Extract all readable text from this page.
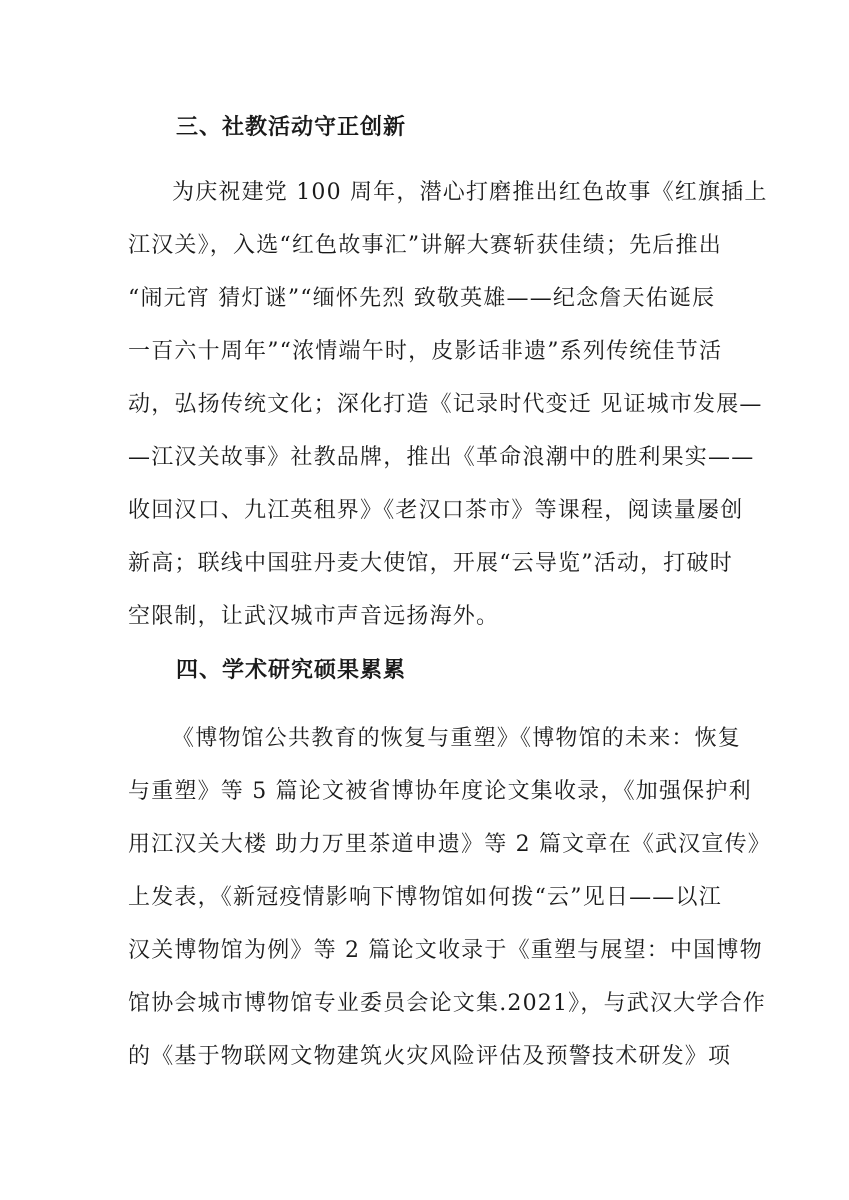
三、社教活动守正创新
为庆祝建党 100 周年，潜心打磨推出红色故事《红旗插上
江汉关》，入选“红色故事汇”讲解大赛斩获佳绩；先后推出
“闹元宵 猜灯谜”“缅怀先烈 致敬英雄——纪念詹天佑诞辰
一百六十周年”“浓情端午时，皮影话非遗”系列传统佳节活
动，弘扬传统文化；深化打造《记录时代变迁 见证城市发展—
—江汉关故事》社教品牌，推出《革命浪潮中的胜利果实——
收回汉口、九江英租界》《老汉口茶市》等课程，阅读量屡创
新高；联线中国驻丹麦大使馆，开展“云导览”活动，打破时
空限制，让武汉城市声音远扬海外。
四、学术研究硕果累累
《博物馆公共教育的恢复与重塑》《博物馆的未来：恢复
与重塑》等 5 篇论文被省博协年度论文集收录，《加强保护利
用江汉关大楼 助力万里茶道申遗》等 2 篇文章在《武汉宣传》
上发表，《新冠疫情影响下博物馆如何拨“云”见日——以江
汉关博物馆为例》等 2 篇论文收录于《重塑与展望：中国博物
馆协会城市博物馆专业委员会论文集.2021》，与武汉大学合作
的《基于物联网文物建筑火灾风险评估及预警技术研发》项
